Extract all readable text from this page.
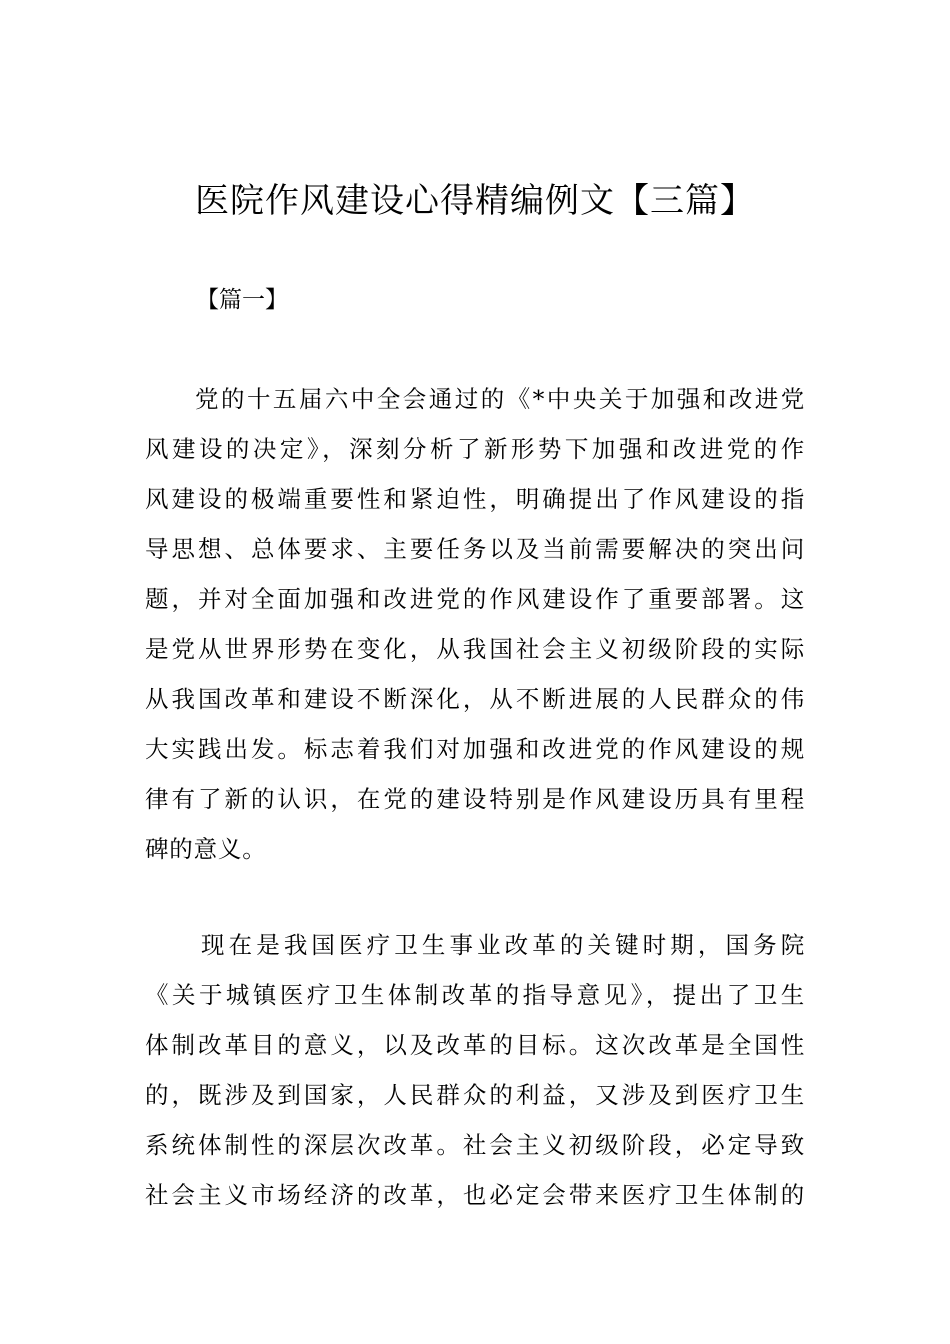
医院作风建设心得精编例文【三篇】
【篇一】
党的十五届六中全会通过的《*中央关于加强和改进党
风建设的决定》，深刻分析了新形势下加强和改进党的作
风建设的极端重要性和紧迫性，明确提出了作风建设的指
导思想、总体要求、主要任务以及当前需要解决的突出问
题，并对全面加强和改进党的作风建设作了重要部署。这
是党从世界形势在变化，从我国社会主义初级阶段的实际
从我国改革和建设不断深化，从不断进展的人民群众的伟
大实践出发。标志着我们对加强和改进党的作风建设的规
律有了新的认识，在党的建设特别是作风建设历具有里程
碑的意义。
现在是我国医疗卫生事业改革的关键时期，国务院
《关于城镇医疗卫生体制改革的指导意见》，提出了卫生
体制改革目的意义，以及改革的目标。这次改革是全国性
的，既涉及到国家，人民群众的利益，又涉及到医疗卫生
系统体制性的深层次改革。社会主义初级阶段，必定导致
社会主义市场经济的改革，也必定会带来医疗卫生体制的
